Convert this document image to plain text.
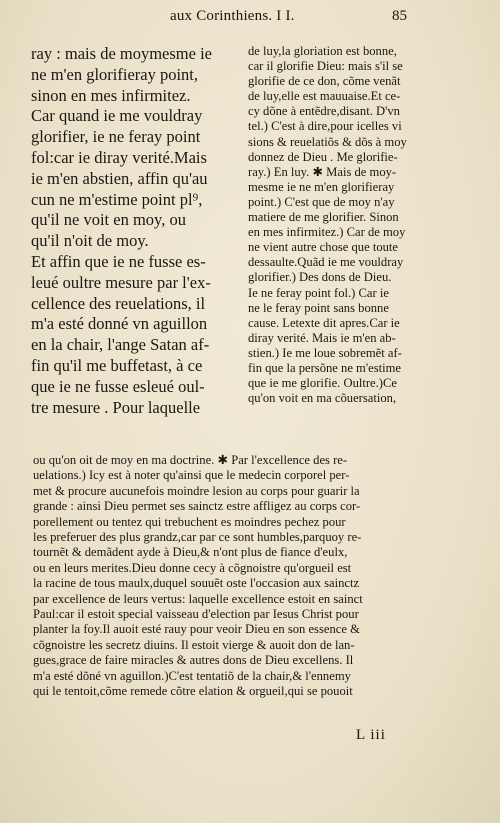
aux Corinthiens. I I.	85
ray : mais de moymesme ie
ne m'en glorifieray point,
sinon en mes infirmitez.
Car quand ie me vouldray
glorifier, ie ne feray point
fol:car ie diray verité.Mais
ie m'en abstien, affin qu'au
cun ne m'estime point pl⁹,
qu'il ne voit en moy, ou
qu'il n'oit de moy.
Et affin que ie ne fusse es-
leué oultre mesure par l'ex-
cellence des reuelations, il
m'a esté donné vn aguillon
en la chair, l'ange Satan af-
fin qu'il me buffetast, à ce
que ie ne fusse esleué oul-
tre mesure . Pour laquelle
de luy,la gloriation est bonne,
car il glorifie Dieu: mais s'il se
glorifie de ce don, cõme venãt
de luy,elle est mauuaise.Et ce-
cy dõne à entẽdre,disant. D'vn
tel.) C'est à dire,pour icelles vi
sions & reuelatiõs & dõs à moy
donnez de Dieu . Me glorifie-
ray.) En luy. ✱ Mais de moy-
mesme ie ne m'en glorifieray
point.) C'est que de moy n'ay
matiere de me glorifier. Sinon
en mes infirmitez.) Car de moy
ne vient autre chose que toute
dessaulte.Quãd ie me vouldray
glorifier.) Des dons de Dieu.
Ie ne feray point fol.) Car ie
ne le feray point sans bonne
cause. Letexte dit apres.Car ie
diray verité. Mais ie m'en ab-
stien.) Ie me loue sobremẽt af-
fin que la persõne ne m'estime
que ie me glorifie. Oultre.)Ce
qu'on voit en ma cõuersation,
ou qu'on oit de moy en ma doctrine. ✱ Par l'excellence des re-
uelations.) Icy est à noter qu'ainsi que le medecin corporel per-
met & procure aucunefois moindre lesion au corps pour guarir la
grande : ainsi Dieu permet ses sainctz estre affligez au corps cor-
porellement ou tentez qui trebuchent es moindres pechez pour
les preferuer des plus grandz,car par ce sont humbles,parquoy re-
tournẽt & demãdent ayde à Dieu,& n'ont plus de fiance d'eulx,
ou en leurs merites.Dieu donne cecy à cõgnoistre qu'orgueil est
la racine de tous maulx,duquel souuẽt oste l'occasion aux sainctz
par excellence de leurs vertus: laquelle excellence estoit en sainct
Paul:car il estoit special vaisseau d'election par Iesus Christ pour
planter la foy.Il auoit esté rauy pour veoir Dieu en son essence &
cõgnoistre les secretz diuins. Il estoit vierge & auoit don de lan-
gues,grace de faire miracles & autres dons de Dieu excellens. Il
m'a esté dõné vn aguillon.)C'est tentatiõ de la chair,& l'ennemy
qui le tentoit,cõme remede cõtre elation & orgueil,qui se pouoit
L iii
